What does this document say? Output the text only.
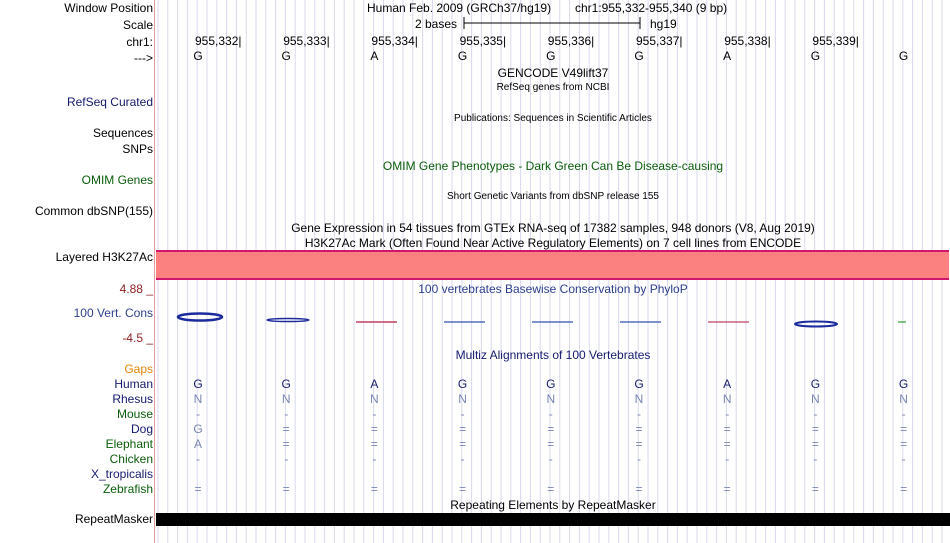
Window Position	Human Feb. 2009 (GRCh37/hg19) chr1:955,332-955,340 (9 bp)
Scale	2 bases	hg19
chr1:
--->
955,332|	955,333|	955,334|	955,335|	955,336|	955,337|	955,338|	955,339|
G	G	A	G	G	G	A	G	G
GENCODE V49lift37
RefSeq genes from NCBI
RefSeq Curated
Publications: Sequences in Scientific Articles
Sequences
SNPs
OMIM Gene Phenotypes - Dark Green Can Be Disease-causing
OMIM Genes
Short Genetic Variants from dbSNP release 155
Common dbSNP(155)
Gene Expression in 54 tissues from GTEx RNA-seq of 17382 samples, 948 donors (V8, Aug 2019)
H3K27Ac Mark (Often Found Near Active Regulatory Elements) on 7 cell lines from ENCODE
Layered H3K27Ac
4.88 _	100 vertebrates Basewise Conservation by PhyloP
100 Vert. Cons
-4.5 _
Multiz Alignments of 100 Vertebrates
Gaps
Human	G	G	A	G	G	G	A	G	G
Rhesus	N	N	N	N	N	N	N	N	N
Mouse	-	-	-	-	-	-	-	-	-
Dog	G	=	=	=	=	=	=	=	=
Elephant	A	=	=	=	=	=	=	=	=
Chicken	-	-	-	-	-	-	-	-	-
X_tropicalis
Zebrafish	=	=	=	=	=	=	=	=	=
Repeating Elements by RepeatMasker
RepeatMasker
